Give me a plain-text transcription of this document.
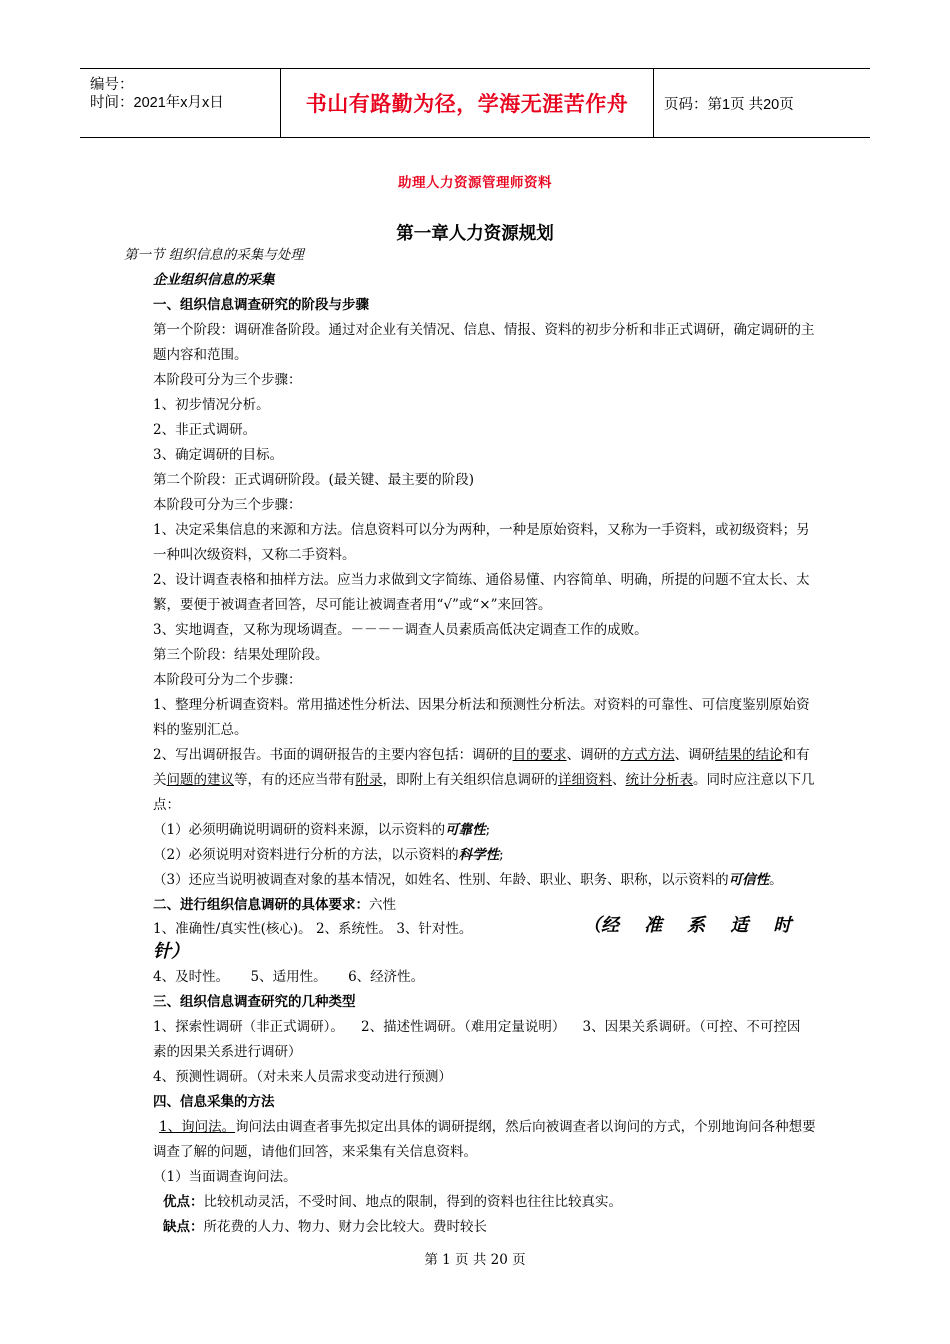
编号：
时间：2021年x月x日	书山有路勤为径，学海无涯苦作舟	页码：第1页 共20页
助理人力资源管理师资料
第一章人力资源规划
第一节 组织信息的采集与处理
企业组织信息的采集
一、组织信息调查研究的阶段与步骤
第一个阶段：调研准备阶段。通过对企业有关情况、信息、情报、资料的初步分析和非正式调研，确定调研的主
题内容和范围。
本阶段可分为三个步骤：
1、初步情况分析。
2、非正式调研。
3、确定调研的目标。
第二个阶段：正式调研阶段。(最关键、最主要的阶段)
本阶段可分为三个步骤：
1、决定采集信息的来源和方法。信息资料可以分为两种，一种是原始资料，又称为一手资料，或初级资料；另
一种叫次级资料，又称二手资料。
2、设计调查表格和抽样方法。应当力求做到文字简练、通俗易懂、内容简单、明确，所提的问题不宜太长、太
繁，要便于被调查者回答，尽可能让被调查者用“√”或“×”来回答。
3、实地调查，又称为现场调查。－－－－调查人员素质高低决定调查工作的成败。
第三个阶段：结果处理阶段。
本阶段可分为二个步骤：
1、整理分析调查资料。常用描述性分析法、因果分析法和预测性分析法。对资料的可靠性、可信度鉴别原始资
料的鉴别汇总。
2、写出调研报告。书面的调研报告的主要内容包括：调研的目的要求、调研的方式方法、调研结果的结论和有
关问题的建议等，有的还应当带有附录，即附上有关组织信息调研的详细资料、统计分析表。同时应注意以下几
点：
（1）必须明确说明调研的资料来源，以示资料的可靠性;
（2）必须说明对资料进行分析的方法，以示资料的科学性;
（3）还应当说明被调查对象的基本情况，如姓名、性别、年龄、职业、职务、职称，以示资料的可信性。
二、进行组织信息调研的具体要求：六性
1、准确性/真实性(核心)。 2、系统性。 3、针对性。	（经    准    系    适    时
针）
4、及时性。     5、适用性。     6、经济性。
三、组织信息调查研究的几种类型
1、探索性调研（非正式调研）。    2、描述性调研。（难用定量说明）    3、因果关系调研。（可控、不可控因
素的因果关系进行调研）
4、预测性调研。（对未来人员需求变动进行预测）
四、信息采集的方法
1、询问法。询问法由调查者事先拟定出具体的调研提纲，然后向被调查者以询问的方式，个别地询问各种想要
调查了解的问题，请他们回答，来采集有关信息资料。
（1）当面调查询问法。
优点：比较机动灵活，不受时间、地点的限制，得到的资料也往往比较真实。
缺点：所花费的人力、物力、财力会比较大。费时较长
第 1 页 共 20 页
